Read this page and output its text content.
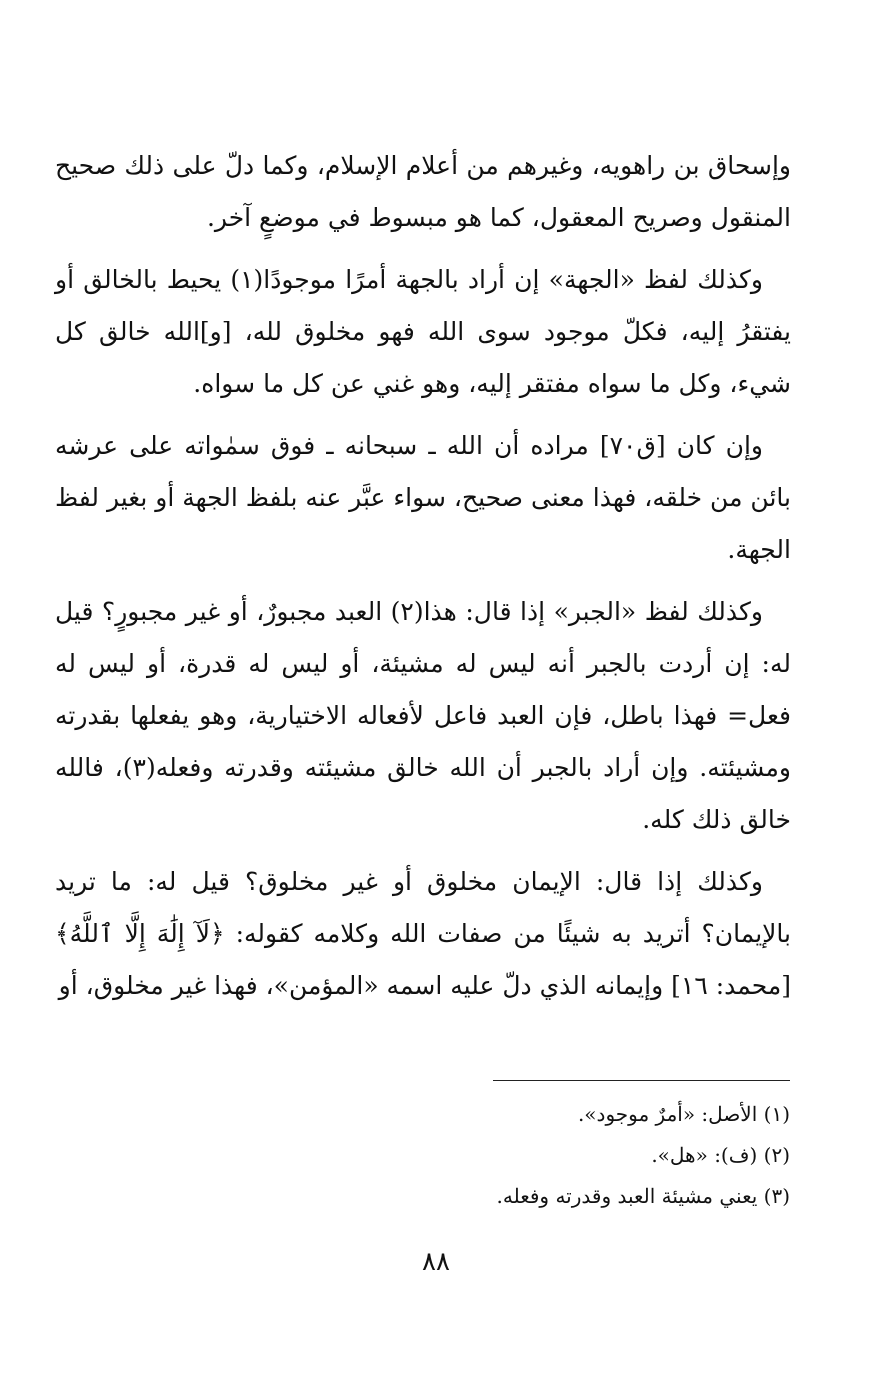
وإسحاق بن راهويه، وغيرهم من أعلام الإسلام، وكما دلّ على ذلك صحيح المنقول وصريح المعقول، كما هو مبسوط في موضعٍ آخر.

وكذلك لفظ «الجهة» إن أراد بالجهة أمرًا موجودًا(١) يحيط بالخالق أو يفتقرُ إليه، فكلّ موجود سوى الله فهو مخلوق لله، [و]الله خالق كل شيء، وكل ما سواه مفتقر إليه، وهو غني عن كل ما سواه.

وإن كان [ق٧٠] مراده أن الله ـ سبحانه ـ فوق سمٰواته على عرشه بائن من خلقه، فهذا معنى صحيح، سواء عبَّر عنه بلفظ الجهة أو بغير لفظ الجهة.

وكذلك لفظ «الجبر» إذا قال: هذا(٢) العبد مجبورٌ، أو غير مجبورٍ؟ قيل له: إن أردت بالجبر أنه ليس له مشيئة، أو ليس له قدرة، أو ليس له فعل= فهذا باطل، فإن العبد فاعل لأفعاله الاختيارية، وهو يفعلها بقدرته ومشيئته. وإن أراد بالجبر أن الله خالق مشيئته وقدرته وفعله(٣)، فالله خالق ذلك كله.

وكذلك إذا قال: الإيمان مخلوق أو غير مخلوق؟ قيل له: ما تريد بالإيمان؟ أتريد به شيئًا من صفات الله وكلامه كقوله: ﴿لَآ إِلَٰهَ إِلَّا ٱللَّهُ﴾ [محمد: ١٦] وإيمانه الذي دلّ عليه اسمه «المؤمن»، فهذا غير مخلوق، أو

(١) الأصل: «أمرٌ موجود».
(٢) (ف): «هل».
(٣) يعني مشيئة العبد وقدرته وفعله.
٨٨
